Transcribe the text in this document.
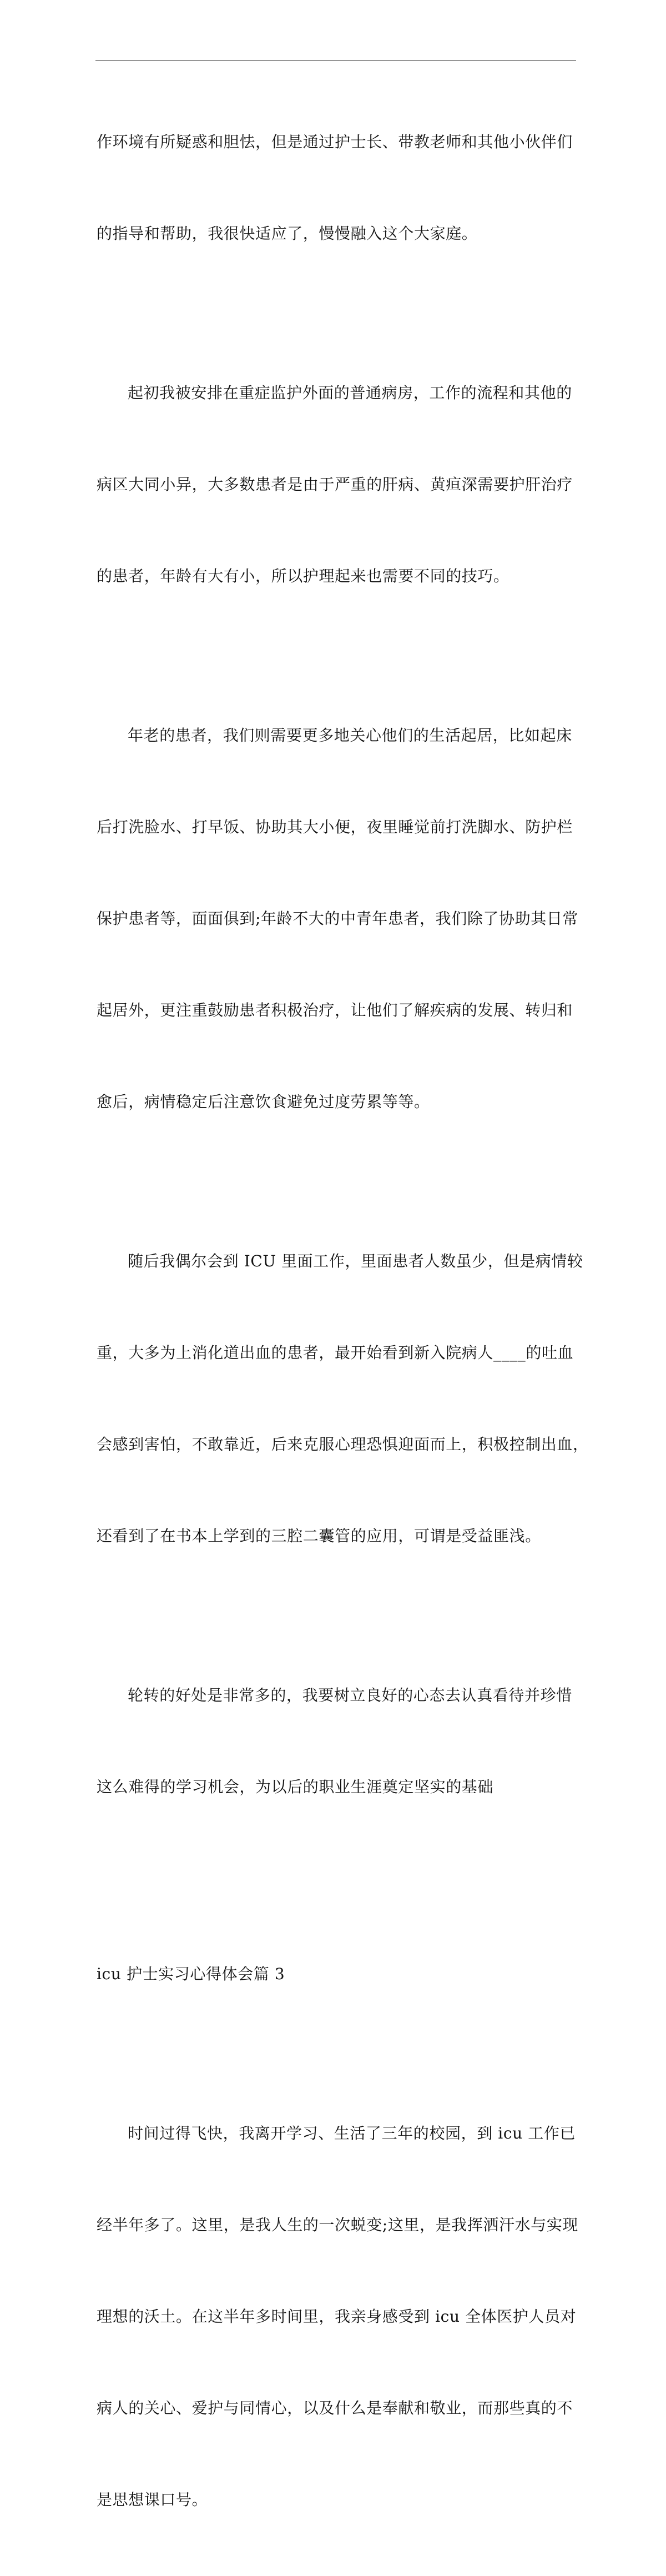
作环境有所疑惑和胆怯，但是通过护士长、带教老师和其他小伙伴们

的指导和帮助，我很快适应了，慢慢融入这个大家庭。

起初我被安排在重症监护外面的普通病房，工作的流程和其他的

病区大同小异，大多数患者是由于严重的肝病、黄疸深需要护肝治疗

的患者，年龄有大有小，所以护理起来也需要不同的技巧。

年老的患者，我们则需要更多地关心他们的生活起居，比如起床

后打洗脸水、打早饭、协助其大小便，夜里睡觉前打洗脚水、防护栏

保护患者等，面面俱到;年龄不大的中青年患者，我们除了协助其日常

起居外，更注重鼓励患者积极治疗，让他们了解疾病的发展、转归和

愈后，病情稳定后注意饮食避免过度劳累等等。

随后我偶尔会到 ICU 里面工作，里面患者人数虽少，但是病情较

重，大多为上消化道出血的患者，最开始看到新入院病人____的吐血

会感到害怕，不敢靠近，后来克服心理恐惧迎面而上，积极控制出血，

还看到了在书本上学到的三腔二囊管的应用，可谓是受益匪浅。

轮转的好处是非常多的，我要树立良好的心态去认真看待并珍惜

这么难得的学习机会，为以后的职业生涯奠定坚实的基础

icu 护士实习心得体会篇 3

时间过得飞快，我离开学习、生活了三年的校园，到 icu 工作已

经半年多了。这里，是我人生的一次蜕变;这里，是我挥洒汗水与实现

理想的沃土。在这半年多时间里，我亲身感受到 icu 全体医护人员对

病人的关心、爱护与同情心，以及什么是奉献和敬业，而那些真的不

是思想课口号。
